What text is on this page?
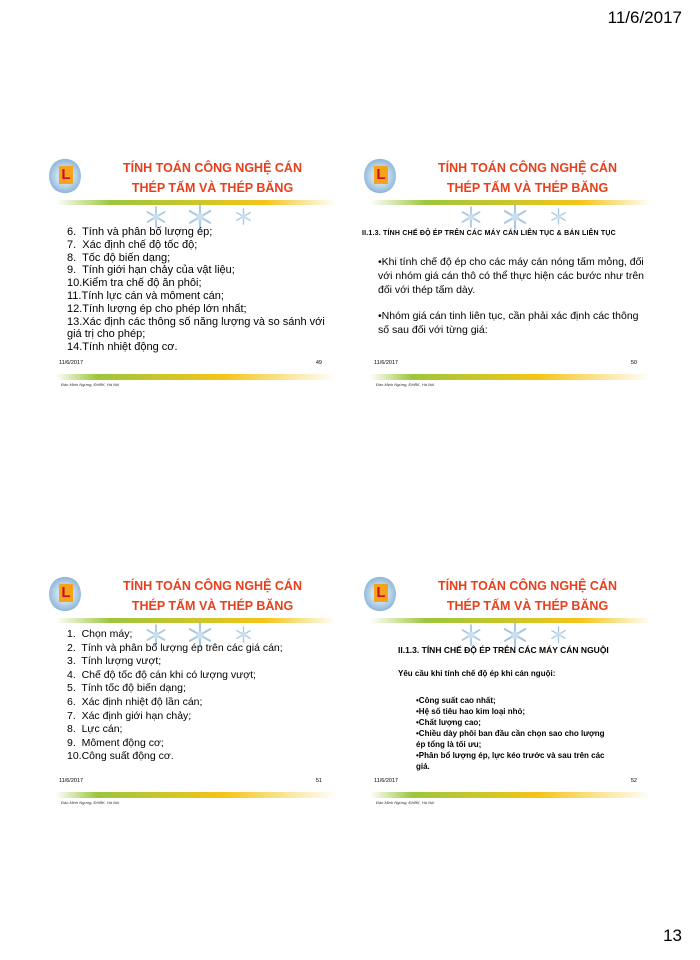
11/6/2017
L	TÍNH TOÁN CÔNG NGHỆ CÁN
THÉP TẤM VÀ THÉP BĂNG
6.  Tính và phân bố lượng ép;
7.  Xác định chế độ tốc độ;
8.  Tốc độ biến dạng;
9.  Tính giới hạn chảy của vật liệu;
10.Kiểm tra chế độ ăn phôi;
11.Tính lực cán và môment cán;
12.Tính lượng ép cho phép lớn nhất;
13.Xác định các thông số năng lượng và so sánh với giá trị cho phép;
14.Tính nhiệt động cơ.
11/6/2017	49
Đào Minh Ngừng, ĐHBK, Hà Nội
L	TÍNH TOÁN CÔNG NGHỆ CÁN
THÉP TẤM VÀ THÉP BĂNG
II.1.3. TÍNH CHẾ ĐỘ ÉP TRÊN CÁC MÁY CÁN LIÊN TỤC & BÁN LIÊN TỤC
•Khi tính chế độ ép cho các máy cán nóng tấm mỏng, đối với nhóm giá cán thô có thể thực hiện các bước như trên đối với thép tấm dày.
•Nhóm giá cán tinh liên tục, cần phải xác định các thông số sau đối với từng giá:
11/6/2017	50
Đào Minh Ngừng, ĐHBK, Hà Nội
L	TÍNH TOÁN CÔNG NGHỆ CÁN
THÉP TẤM VÀ THÉP BĂNG
1.  Chọn máy;
2.  Tính và phân bố lượng ép trên các giá cán;
3.  Tính lượng vượt;
4.  Chế độ tốc độ cán khi có lượng vượt;
5.  Tính tốc độ biến dạng;
6.  Xác định nhiệt độ lần cán;
7.  Xác định giới hạn chảy;
8.  Lực cán;
9.  Môment động cơ;
10.Công suất động cơ.
11/6/2017	51
Đào Minh Ngừng, ĐHBK, Hà Nội
L	TÍNH TOÁN CÔNG NGHỆ CÁN
THÉP TẤM VÀ THÉP BĂNG
II.1.3. TÍNH CHẾ ĐỘ ÉP TRÊN CÁC MÁY CÁN NGUỘI
Yêu cầu khi tính chế độ ép khi cán nguội:
•Công suất cao nhất;
•Hệ số tiêu hao kim loại nhỏ;
•Chất lượng cao;
•Chiều dày phôi ban đầu cần chọn sao cho lượng ép tổng là tối ưu;
•Phân bổ lượng ép, lực kéo trước và sau trên các giá.
11/6/2017	52
Đào Minh Ngừng, ĐHBK, Hà Nội
13
